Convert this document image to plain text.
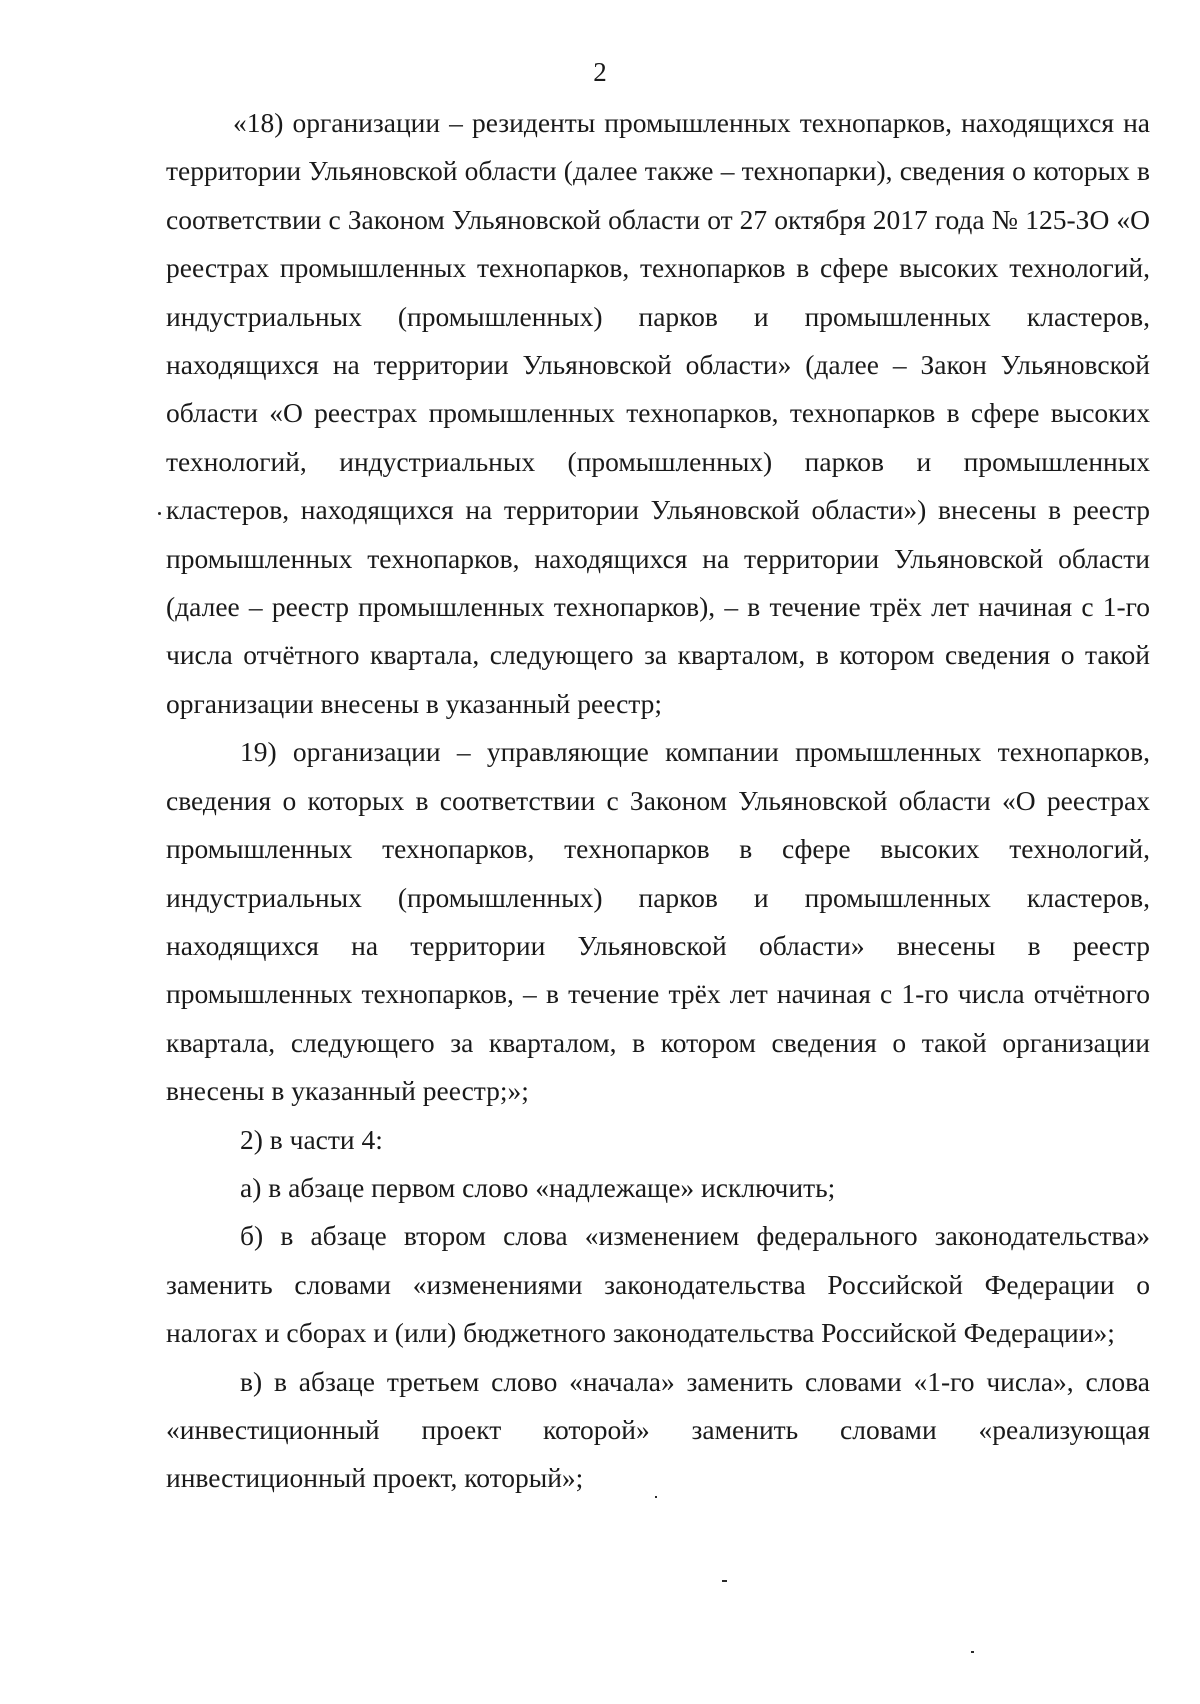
2

«18) организации – резиденты промышленных технопарков, находящихся на территории Ульяновской области (далее также – технопарки), сведения о которых в соответствии с Законом Ульяновской области от 27 октября 2017 года № 125-ЗО «О реестрах промышленных технопарков, технопарков в сфере высоких технологий, индустриальных (промышленных) парков и промышленных кластеров, находящихся на территории Ульяновской области» (далее – Закон Ульяновской области «О реестрах промышленных технопарков, технопарков в сфере высоких технологий, индустриальных (промышленных) парков и промышленных кластеров, находящихся на территории Ульяновской области») внесены в реестр промышленных технопарков, находящихся на территории Ульяновской области (далее – реестр промышленных технопарков), – в течение трёх лет начиная с 1-го числа отчётного квартала, следующего за кварталом, в котором сведения о такой организации внесены в указанный реестр;

19) организации – управляющие компании промышленных технопарков, сведения о которых в соответствии с Законом Ульяновской области «О реестрах промышленных технопарков, технопарков в сфере высоких технологий, индустриальных (промышленных) парков и промышленных кластеров, находящихся на территории Ульяновской области» внесены в реестр промышленных технопарков, – в течение трёх лет начиная с 1-го числа отчётного квартала, следующего за кварталом, в котором сведения о такой организации внесены в указанный реестр;»;

2) в части 4:

а) в абзаце первом слово «надлежаще» исключить;

б) в абзаце втором слова «изменением федерального законодательства» заменить словами «изменениями законодательства Российской Федерации о налогах и сборах и (или) бюджетного законодательства Российской Федерации»;

в) в абзаце третьем слово «начала» заменить словами «1-го числа», слова «инвестиционный проект которой» заменить словами «реализующая инвестиционный проект, который»;
